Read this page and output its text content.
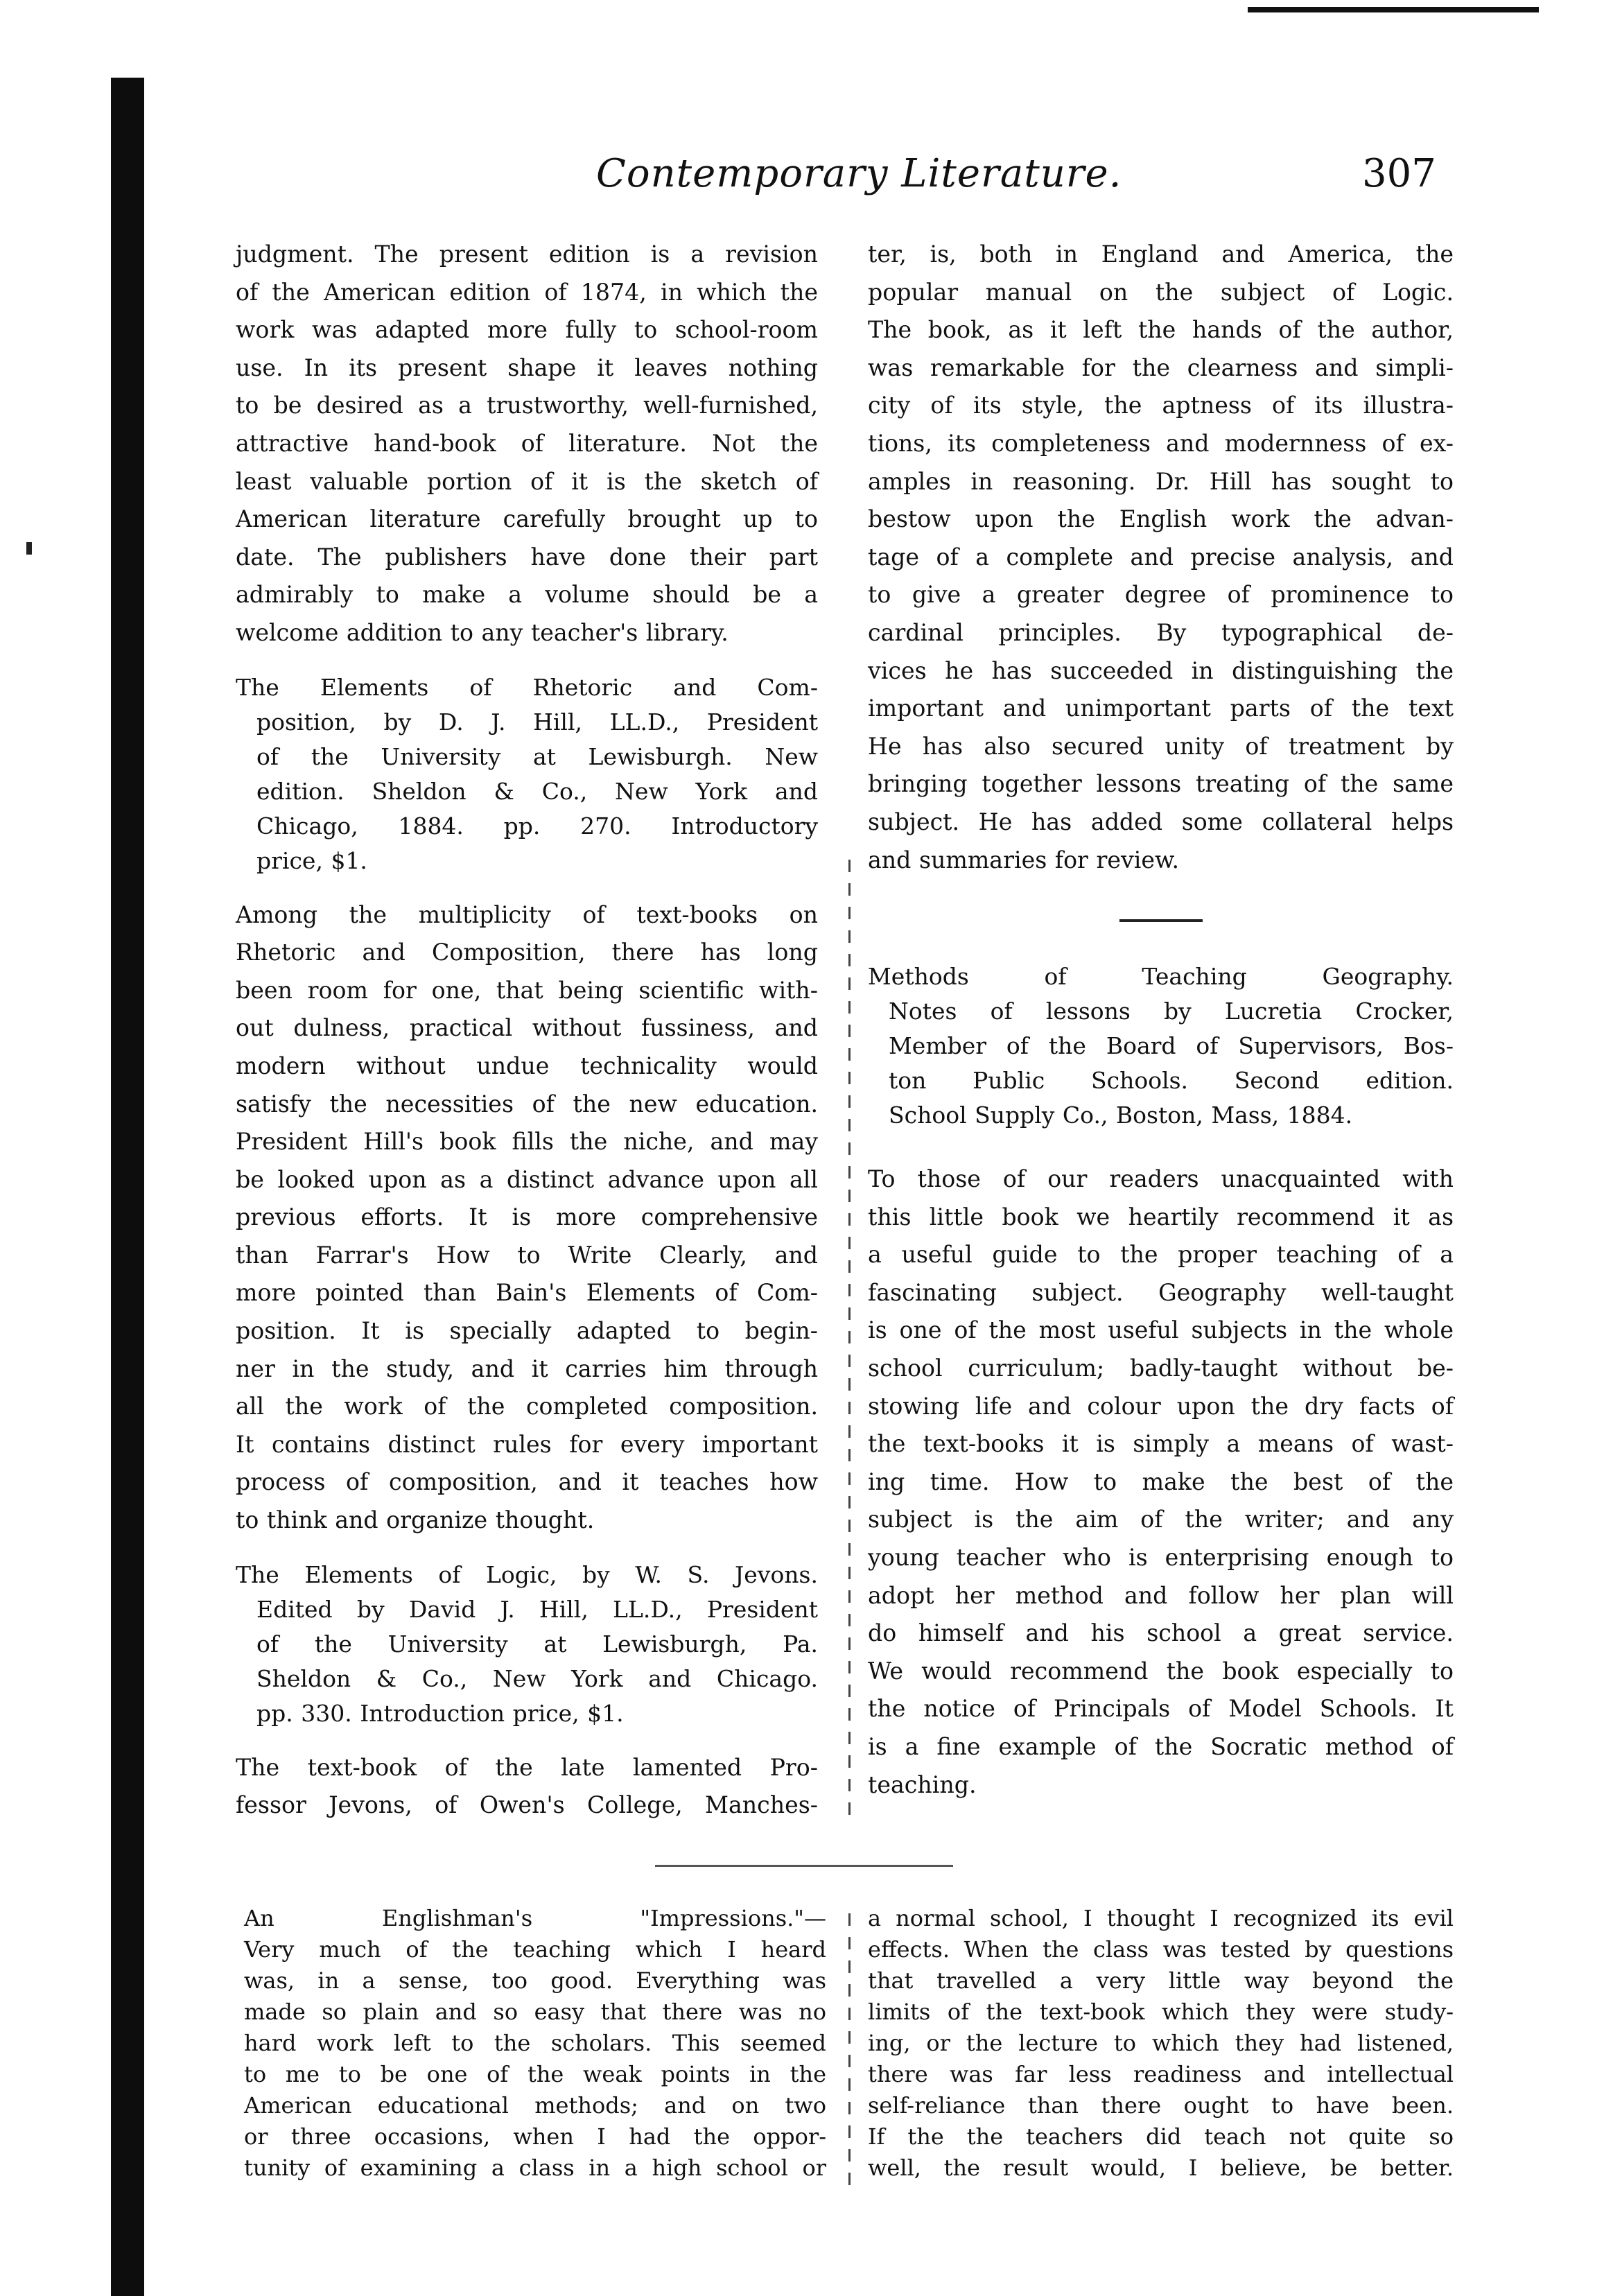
Contemporary Literature.	307
judgment. The present edition is a revision
of the American edition of 1874, in which the
work was adapted more fully to school-room
use. In its present shape it leaves nothing
to be desired as a trustworthy, well-furnished,
attractive hand-book of literature. Not the
least valuable portion of it is the sketch of
American literature carefully brought up to
date. The publishers have done their part
admirably to make a volume should be a
welcome addition to any teacher's library.
The Elements of Rhetoric and Com-
position, by D. J. Hill, LL.D., President
of the University at Lewisburgh. New
edition. Sheldon & Co., New York and
Chicago, 1884. pp. 270. Introductory
price, $1.
Among the multiplicity of text-books on
Rhetoric and Composition, there has long
been room for one, that being scientific with-
out dulness, practical without fussiness, and
modern without undue technicality would
satisfy the necessities of the new education.
President Hill's book fills the niche, and may
be looked upon as a distinct advance upon all
previous efforts. It is more comprehensive
than Farrar's How to Write Clearly, and
more pointed than Bain's Elements of Com-
position. It is specially adapted to begin-
ner in the study, and it carries him through
all the work of the completed composition.
It contains distinct rules for every important
process of composition, and it teaches how
to think and organize thought.
The Elements of Logic, by W. S. Jevons.
Edited by David J. Hill, LL.D., President
of the University at Lewisburgh, Pa.
Sheldon & Co., New York and Chicago.
pp. 330. Introduction price, $1.
The text-book of the late lamented Pro-
fessor Jevons, of Owen's College, Manches-
ter, is, both in England and America, the
popular manual on the subject of Logic.
The book, as it left the hands of the author,
was remarkable for the clearness and simpli-
city of its style, the aptness of its illustra-
tions, its completeness and modernness of ex-
amples in reasoning. Dr. Hill has sought to
bestow upon the English work the advan-
tage of a complete and precise analysis, and
to give a greater degree of prominence to
cardinal principles. By typographical de-
vices he has succeeded in distinguishing the
important and unimportant parts of the text
He has also secured unity of treatment by
bringing together lessons treating of the same
subject. He has added some collateral helps
and summaries for review.
Methods of Teaching Geography.
Notes of lessons by Lucretia Crocker,
Member of the Board of Supervisors, Bos-
ton Public Schools. Second edition.
School Supply Co., Boston, Mass, 1884.
To those of our readers unacquainted with
this little book we heartily recommend it as
a useful guide to the proper teaching of a
fascinating subject. Geography well-taught
is one of the most useful subjects in the whole
school curriculum; badly-taught without be-
stowing life and colour upon the dry facts of
the text-books it is simply a means of wast-
ing time. How to make the best of the
subject is the aim of the writer; and any
young teacher who is enterprising enough to
adopt her method and follow her plan will
do himself and his school a great service.
We would recommend the book especially to
the notice of Principals of Model Schools. It
is a fine example of the Socratic method of
teaching.
An Englishman's "Impressions."—
Very much of the teaching which I heard
was, in a sense, too good. Everything was
made so plain and so easy that there was no
hard work left to the scholars. This seemed
to me to be one of the weak points in the
American educational methods; and on two
or three occasions, when I had the oppor-
tunity of examining a class in a high school or
a normal school, I thought I recognized its evil
effects. When the class was tested by questions
that travelled a very little way beyond the
limits of the text-book which they were study-
ing, or the lecture to which they had listened,
there was far less readiness and intellectual
self-reliance than there ought to have been.
If the the teachers did teach not quite so
well, the result would, I believe, be better.
